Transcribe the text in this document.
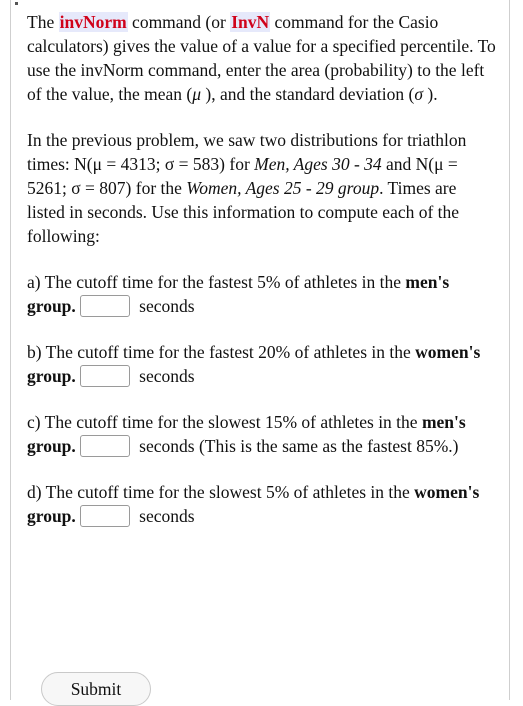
The invNorm command (or InvN command for the Casio calculators) gives the value of a value for a specified percentile. To use the invNorm command, enter the area (probability) to the left of the value, the mean (μ ), and the standard deviation (σ ).

In the previous problem, we saw two distributions for triathlon times: N(μ = 4313; σ = 583) for Men, Ages 30 - 34 and N(μ = 5261; σ = 807) for the Women, Ages 25 - 29 group. Times are listed in seconds. Use this information to compute each of the following:

a) The cutoff time for the fastest 5% of athletes in the men's group.	seconds

b) The cutoff time for the fastest 20% of athletes in the women's group.	seconds

c) The cutoff time for the slowest 15% of athletes in the men's group.	seconds (This is the same as the fastest 85%.)

d) The cutoff time for the slowest 5% of athletes in the women's group.	seconds

Submit
